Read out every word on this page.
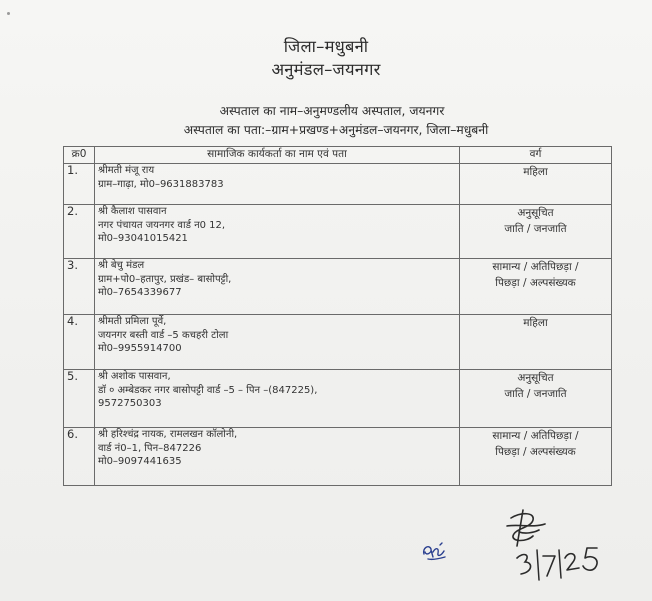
जिला–मधुबनी
अनुमंडल–जयनगर
अस्पताल का नाम–अनुमण्डलीय अस्पताल, जयनगर
अस्पताल का पता:–ग्राम+प्रखण्ड+अनुमंडल–जयनगर, जिला–मधुबनी
क्र0	सामाजिक कार्यकर्ता का नाम एवं पता	वर्ग
1.	श्रीमती मंजू राय
ग्राम–गाढ़ा, मो0–9631883783	महिला

2.	श्री कैलाश पासवान
नगर पंचायत जयनगर वार्ड न0 12,
मो0–93041015421	अनुसूचित
जाति / जनजाति

3.	श्री बेचु मंडल
ग्राम+पो0–हतापुर, प्रखंड– बासोपट्टी,
मो0–7654339677	सामान्य / अतिपिछड़ा /
पिछड़ा / अल्पसंख्यक

4.	श्रीमती प्रमिला पूर्वे,
जयनगर बस्ती वार्ड –5 कचहरी टोला
मो0–9955914700	महिला

5.	श्री अशोक पासवान,
डॉ ० अम्बेडकर नगर बासोपट्टी वार्ड –5 – पिन –(847225),
9572750303	अनुसूचित
जाति / जनजाति

6.	श्री हरिश्चंद्र नायक, रामलखन कॉलोनी,
वार्ड नं0–1, पिन–847226
मो0–9097441635	सामान्य / अतिपिछड़ा /
पिछड़ा / अल्पसंख्यक
